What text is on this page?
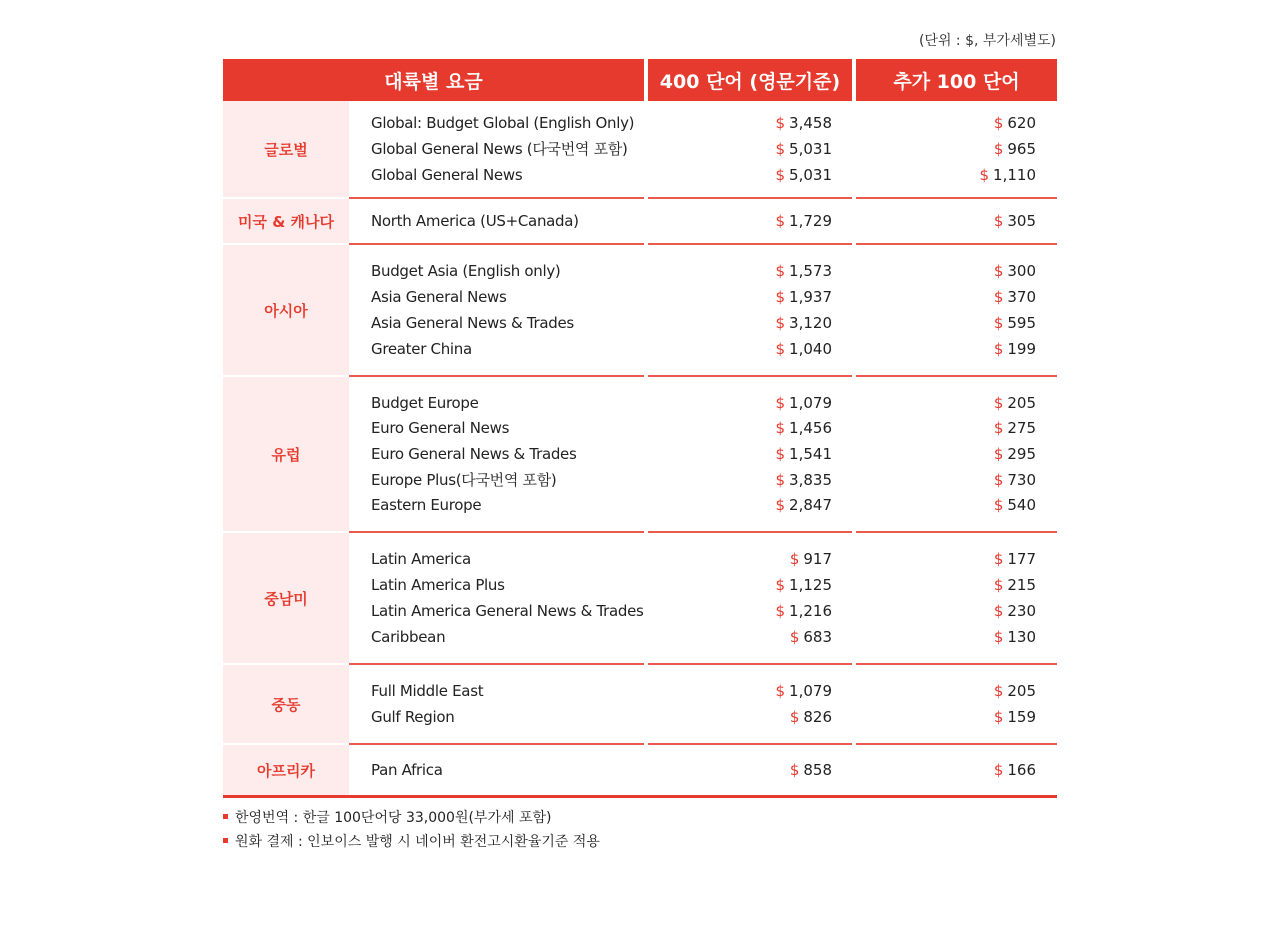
(단위 : $, 부가세별도)
대륙별 요금	400 단어 (영문기준)	추가 100 단어
글로벌
Global: Budget Global (English Only)	$ 3,458	$ 620
Global General News (다국번역 포함)	$ 5,031	$ 965
Global General News	$ 5,031	$ 1,110
미국 & 캐나다	North America (US+Canada)	$ 1,729	$ 305
아시아
Budget Asia (English only)	$ 1,573	$ 300
Asia General News	$ 1,937	$ 370
Asia General News & Trades	$ 3,120	$ 595
Greater China	$ 1,040	$ 199
유럽
Budget Europe	$ 1,079	$ 205
Euro General News	$ 1,456	$ 275
Euro General News & Trades	$ 1,541	$ 295
Europe Plus(다국번역 포함)	$ 3,835	$ 730
Eastern Europe	$ 2,847	$ 540
중남미
Latin America	$ 917	$ 177
Latin America Plus	$ 1,125	$ 215
Latin America General News & Trades	$ 1,216	$ 230
Caribbean	$ 683	$ 130
중동
Full Middle East	$ 1,079	$ 205
Gulf Region	$ 826	$ 159
아프리카	Pan Africa	$ 858	$ 166
한영번역 : 한글 100단어당 33,000원(부가세 포함)
원화 결제 : 인보이스 발행 시 네이버 환전고시환율기준 적용
